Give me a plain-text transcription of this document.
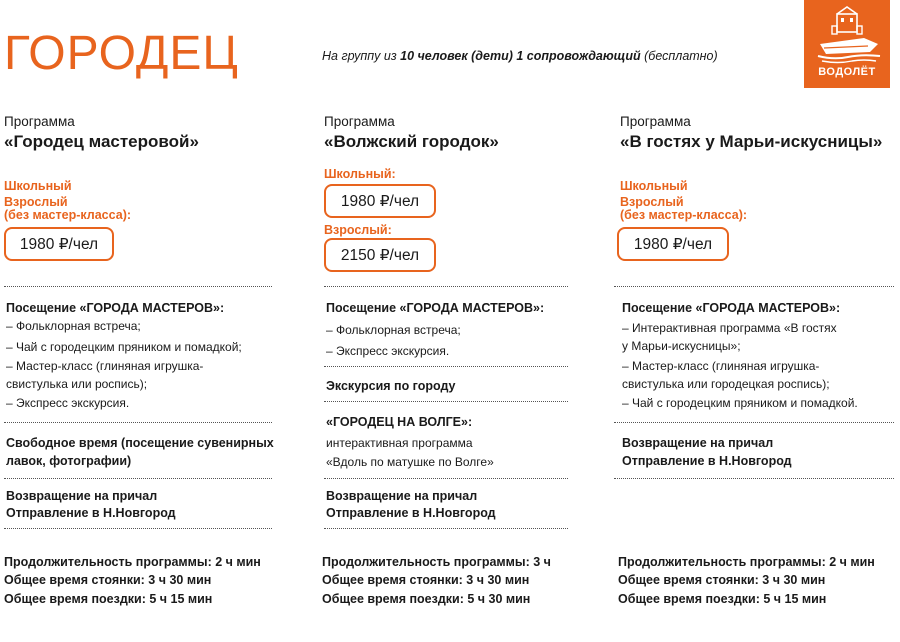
ГОРОДЕЦ	На группу из 10 человек (дети) 1 сопровождающий (бесплатно)
ВОДОЛЁТ
Программа
«Городец мастеровой»
Школьный
Взрослый
(без мастер-класса):
1980 ₽/чел
Посещение «ГОРОДА МАСТЕРОВ»:
– Фольклорная встреча;
– Чай с городецким пряником и помадкой;
– Мастер-класс (глиняная игрушка-
свистулька или роспись);
– Экспресс экскурсия.
Свободное время (посещение сувенирных
лавок, фотографии)
Возвращение на причал
Отправление в Н.Новгород
Продолжительность программы: 2 ч мин
Общее время стоянки: 3 ч 30 мин
Общее время поездки: 5 ч 15 мин
Программа
«Волжский городок»
Школьный:
1980 ₽/чел
Взрослый:
2150 ₽/чел
Посещение «ГОРОДА МАСТЕРОВ»:
– Фольклорная встреча;
– Экспресс экскурсия.
Экскурсия по городу
«ГОРОДЕЦ НА ВОЛГЕ»:
интерактивная программа
«Вдоль по матушке по Волге»
Возвращение на причал
Отправление в Н.Новгород
Продолжительность программы: 3 ч
Общее время стоянки: 3 ч 30 мин
Общее время поездки: 5 ч 30 мин
Программа
«В гостях у Марьи-искусницы»
Школьный
Взрослый
(без мастер-класса):
1980 ₽/чел
Посещение «ГОРОДА МАСТЕРОВ»:
– Интерактивная программа «В гостях
у Марьи-искусницы»;
– Мастер-класс (глиняная игрушка-
свистулька или городецкая роспись);
– Чай с городецким пряником и помадкой.
Возвращение на причал
Отправление в Н.Новгород
Продолжительность программы: 2 ч мин
Общее время стоянки: 3 ч 30 мин
Общее время поездки: 5 ч 15 мин
